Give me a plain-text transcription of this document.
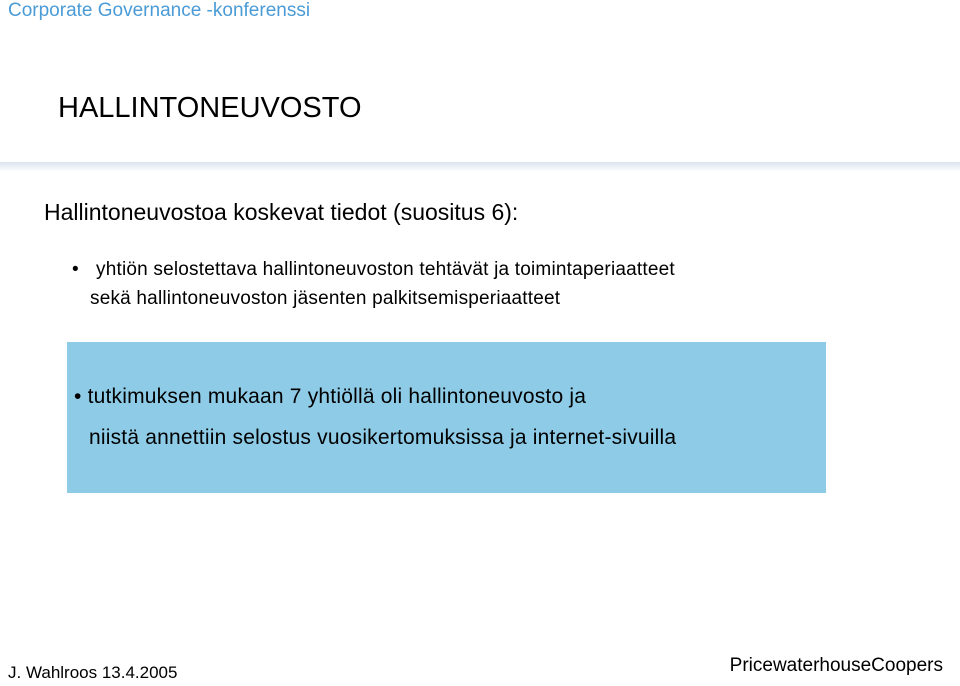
Corporate Governance -konferenssi
HALLINTONEUVOSTO
Hallintoneuvostoa koskevat tiedot (suositus 6):
• yhtiön selostettava hallintoneuvoston tehtävät ja toimintaperiaatteet
sekä hallintoneuvoston jäsenten palkitsemisperiaatteet
• tutkimuksen mukaan 7 yhtiöllä oli hallintoneuvosto ja
niistä annettiin selostus vuosikertomuksissa ja internet-sivuilla
J. Wahlroos 13.4.2005	PricewaterhouseCoopers
